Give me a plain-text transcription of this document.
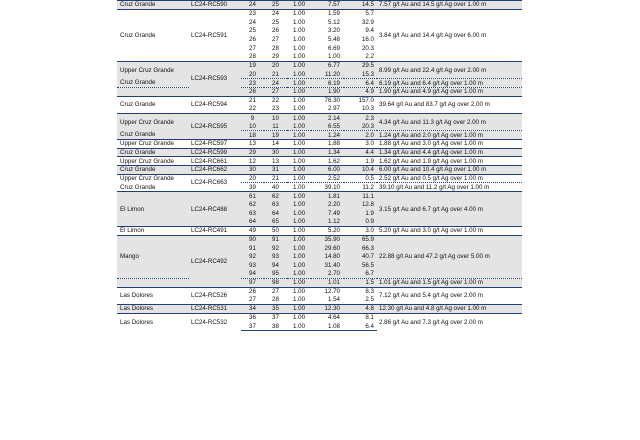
Cruz Grande	LC24-RC590	24	25	1.00	7.57	14.5	7.57 g/t Au and 14.5 g/t Ag over 1.00 m
Cruz Grande	LC24-RC591	23	24	1.00	1.59	5.7	3.84 g/t Au and 14.4 g/t Ag over 6.00 m
		24	25	1.00	5.12	32.9	
		25	26	1.00	3.20	9.4	
		26	27	1.00	5.48	16.0	
		27	28	1.00	6.69	20.3	
		28	29	1.00	1.00	2.2	
Upper Cruz Grande	LC24-RC593	19	20	1.00	6.77	29.5	8.99 g/t Au and 22.4 g/t Ag over 2.00 m
		20	21	1.00	11.20	15.3	
Cruz Grande		23	24	1.00	6.19	6.4	6.19 g/t Au and 6.4 g/t Ag over 1.00 m
		26	27	1.00	1.90	4.9	1.90 g/t Au and 4.9 g/t Ag over 1.00 m
Cruz Grande	LC24-RC594	21	22	1.00	76.30	157.0	39.64 g/t Au and 83.7 g/t Ag over 2.00 m
		22	23	1.00	2.97	10.3	
Upper Cruz Grande	LC24-RC595	9	10	1.00	2.14	2.3	4.34 g/t Au and 11.3 g/t Ag over 2.00 m
		10	11	1.00	6.55	20.3	
Cruz Grande		18	19	1.00	1.24	2.0	1.24 g/t Au and 2.0 g/t Ag over 1.00 m
Upper Cruz Grande	LC24-RC597	13	14	1.00	1.88	3.0	1.88 g/t Au and 3.0 g/t Ag over 1.00 m
Cruz Grande	LC24-RC599	29	30	1.00	1.34	4.4	1.34 g/t Au and 4.4 g/t Ag over 1.00 m
Upper Cruz Grande	LC24-RC661	12	13	1.00	1.62	1.9	1.62 g/t Au and 1.9 g/t Ag over 1.00 m
Cruz Grande	LC24-RC662	30	31	1.00	6.00	10.4	6.00 g/t Au and 10.4 g/t Ag over 1.00 m
Upper Cruz Grande	LC24-RC663	20	21	1.00	2.52	0.5	2.52 g/t Au and 0.5 g/t Ag over 1.00 m
Cruz Grande		39	40	1.00	39.10	11.2	39.10 g/t Au and 11.2 g/t Ag over 1.00 m
El Limon	LC24-RC488	61	62	1.00	1.81	11.1	3.15 g/t Au and 6.7 g/t Ag over 4.00 m
		62	63	1.00	2.20	12.8	
		63	64	1.00	7.49	1.9	
		64	65	1.00	1.12	0.9	
El Limon	LC24-RC491	49	50	1.00	5.20	3.0	5.20 g/t Au and 3.0 g/t Ag over 1.00 m
Mango	LC24-RC492	90	91	1.00	35.90	65.9	22.88 g/t Au and 47.2 g/t Ag over 5.00 m
		91	92	1.00	29.60	66.3	
		92	93	1.00	14.80	40.7	
		93	94	1.00	31.40	56.5	
		94	95	1.00	2.70	6.7	
		97	98	1.00	1.01	1.5	1.01 g/t Au and 1.5 g/t Ag over 1.00 m
Las Dolores	LC24-RC526	26	27	1.00	12.70	8.3	7.12 g/t Au and 5.4 g/t Ag over 2.00 m
		27	28	1.00	1.54	2.5	
Las Dolores	LC24-RC531	34	35	1.00	12.30	4.8	12.30 g/t Au and 4.8 g/t Ag over 1.00 m
Las Dolores	LC24-RC532	36	37	1.00	4.64	8.1	2.86 g/t Au and 7.3 g/t Ag over 2.00 m
		37	38	1.00	1.08	6.4	
